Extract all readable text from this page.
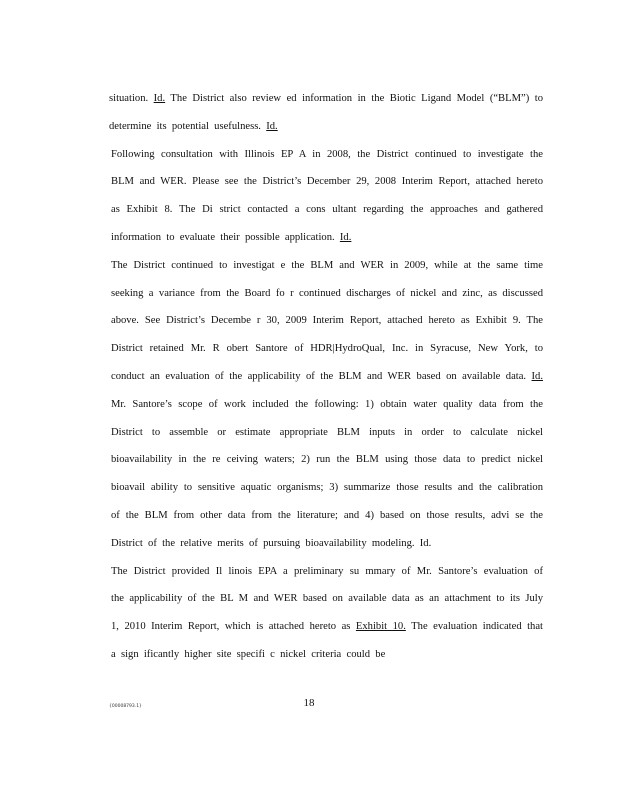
situation. Id. The District also review ed information in the Biotic Ligand Model (“BLM”) to determine its potential usefulness. Id.

Following consultation with Illinois EP A in 2008, the District continued to investigate the BLM and WER. Please see the District’s December 29, 2008 Interim Report, attached hereto as Exhibit 8. The Di strict contacted a cons ultant regarding the approaches and gathered information to evaluate their possible application. Id.

The District continued to investigat e the BLM and WER in 2009, while at the same time seeking a variance from the Board fo r continued discharges of nickel and zinc, as discussed above. See District’s Decembe r 30, 2009 Interim Report, attached hereto as Exhibit 9. The District retained Mr. R obert Santore of HDR|HydroQual, Inc. in Syracuse, New York, to conduct an evaluation of the applicability of the BLM and WER based on available data. Id. Mr. Santore’s scope of work included the following: 1) obtain water quality data from the District to assemble or estimate appropriate BLM inputs in order to calculate nickel bioavailability in the re ceiving waters; 2) run the BLM using those data to predict nickel bioavail ability to sensitive aquatic organisms; 3) summarize those results and the calibration of the BLM from other data from the literature; and 4) based on those results, advi se the District of the relative merits of pursuing bioavailability modeling. Id.

The District provided Il linois EPA a preliminary su mmary of Mr. Santore’s evaluation of the applicability of the BL M and WER based on available data as an attachment to its July 1, 2010 Interim Report, which is attached hereto as Exhibit 10. The evaluation indicated that a sign ificantly higher site specifi c nickel criteria could be

{00008793.1}	18
